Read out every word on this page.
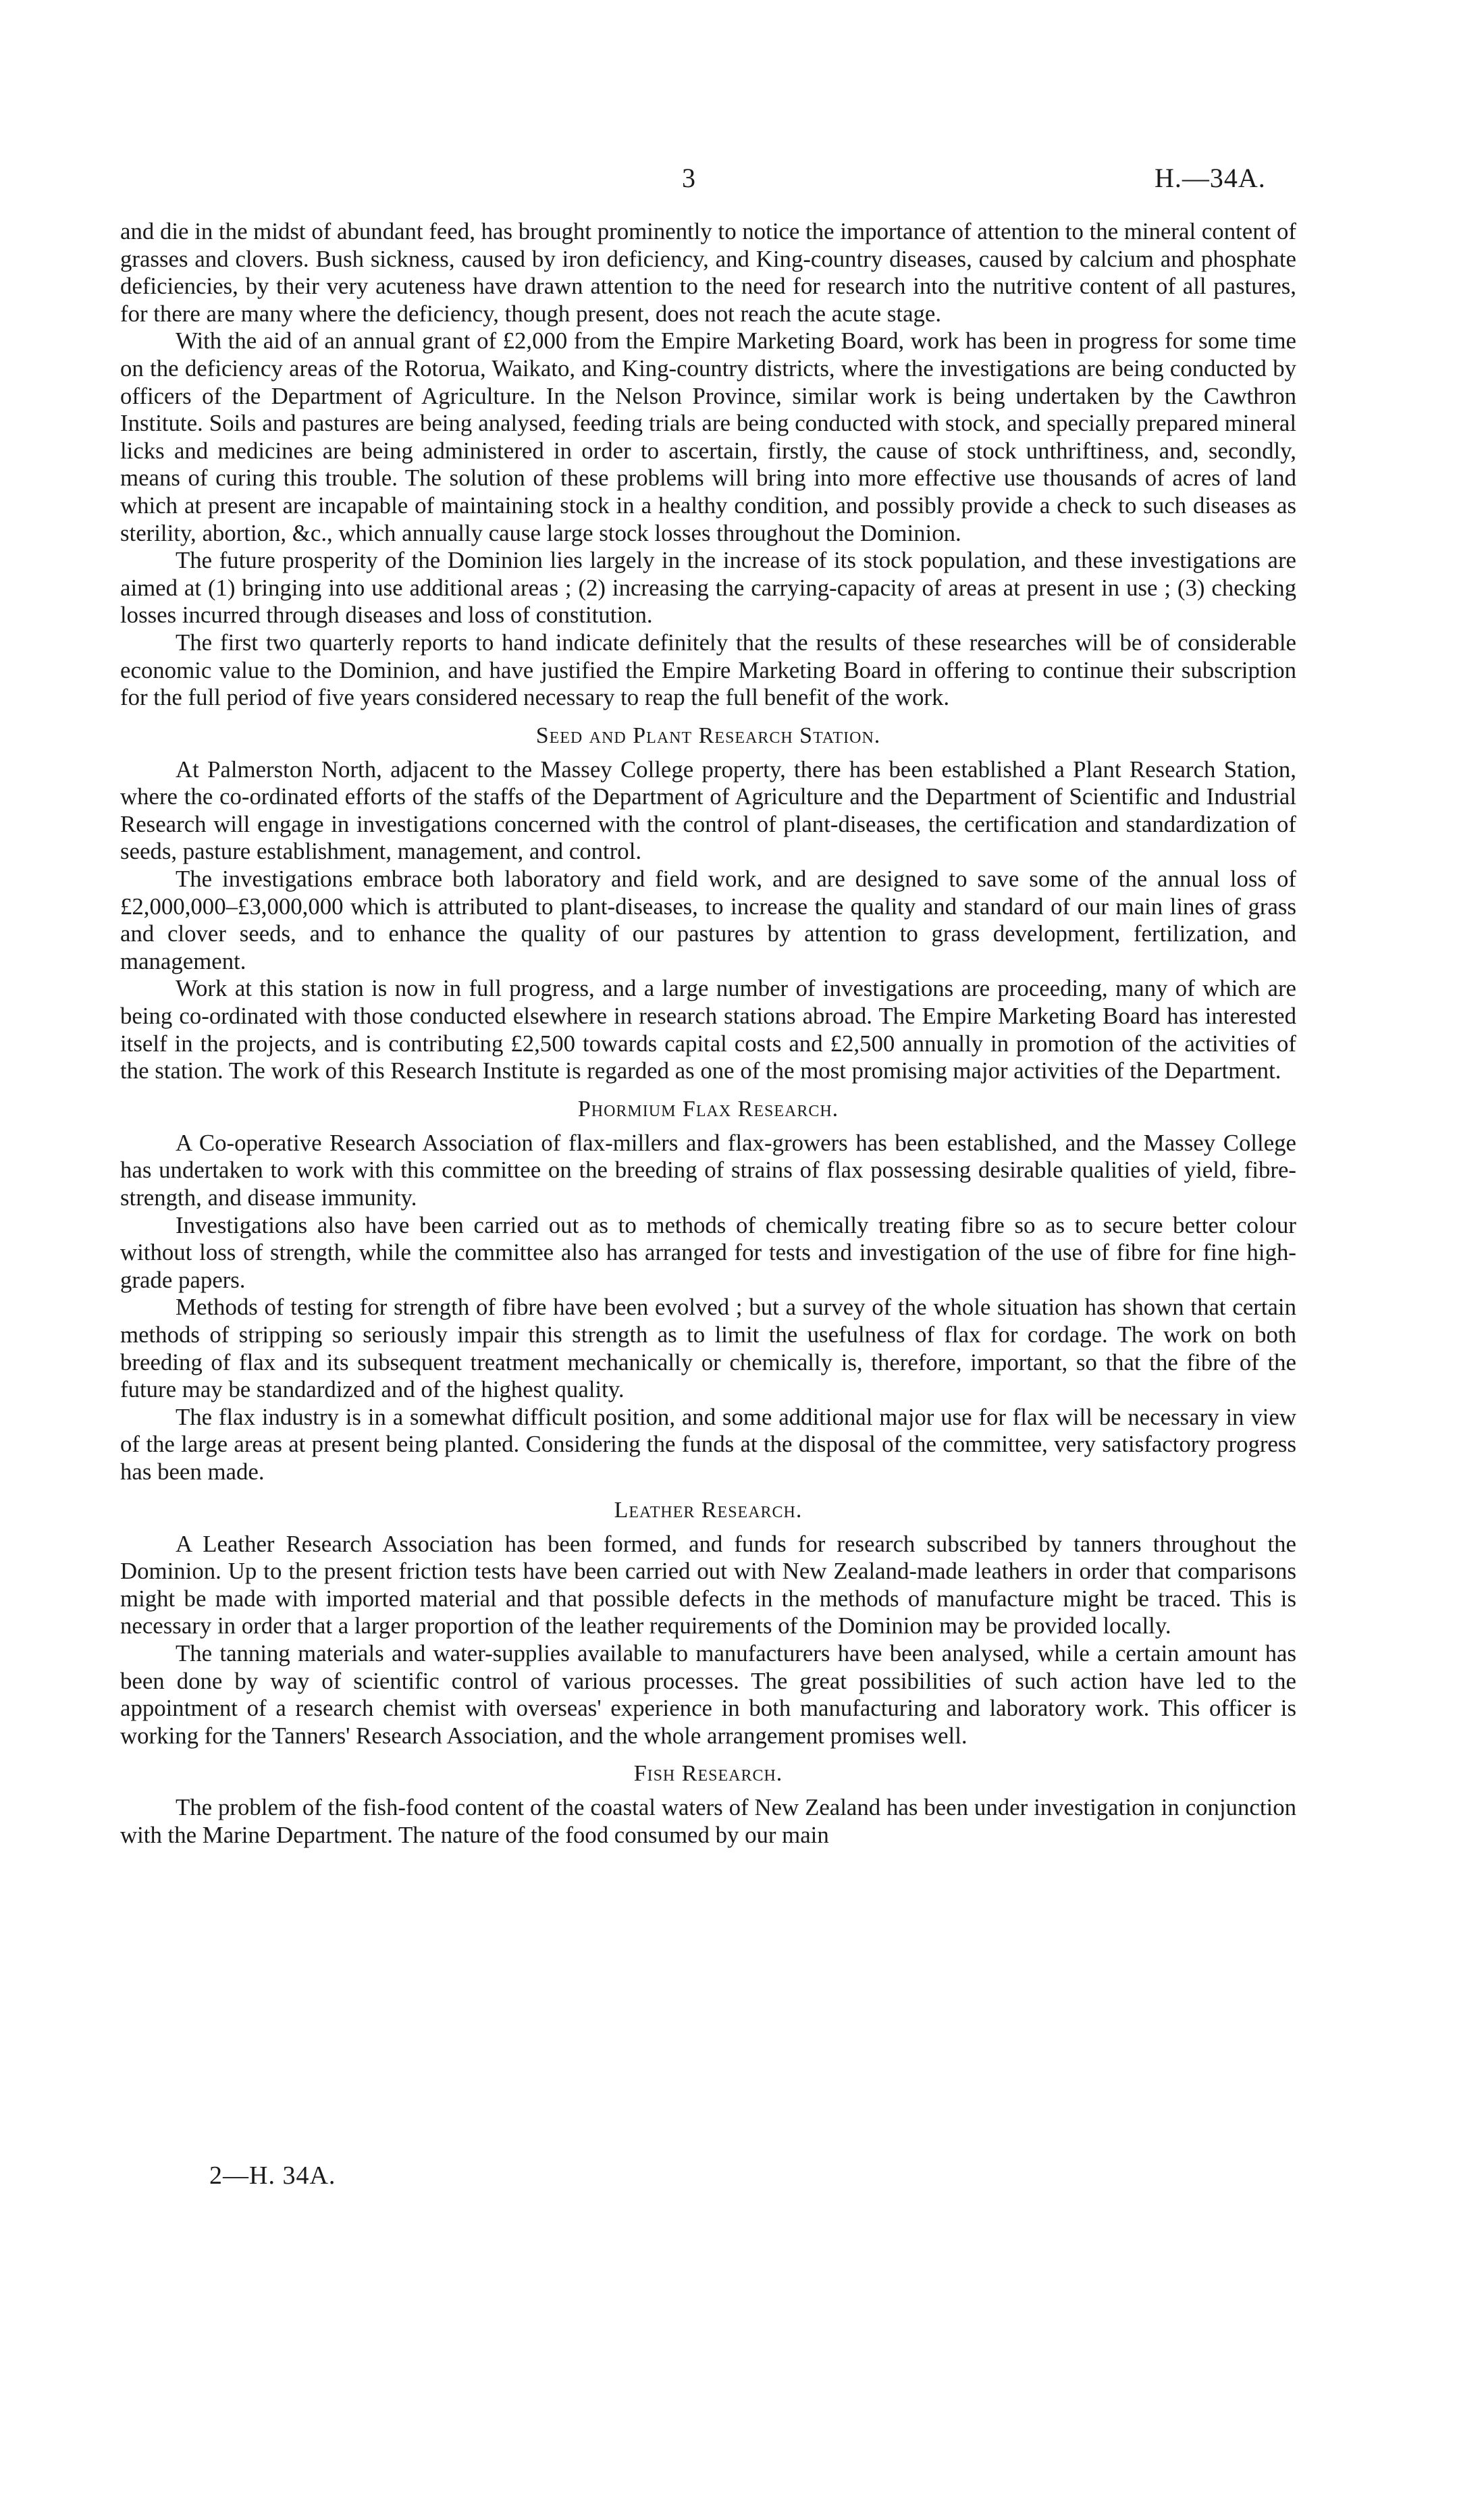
3	H.—34A.

and die in the midst of abundant feed, has brought prominently to notice the importance of attention to the mineral content of grasses and clovers. Bush sickness, caused by iron deficiency, and King-country diseases, caused by calcium and phosphate deficiencies, by their very acuteness have drawn attention to the need for research into the nutritive content of all pastures, for there are many where the deficiency, though present, does not reach the acute stage.

With the aid of an annual grant of £2,000 from the Empire Marketing Board, work has been in progress for some time on the deficiency areas of the Rotorua, Waikato, and King-country districts, where the investigations are being conducted by officers of the Department of Agriculture. In the Nelson Province, similar work is being undertaken by the Cawthron Institute. Soils and pastures are being analysed, feeding trials are being conducted with stock, and specially prepared mineral licks and medicines are being administered in order to ascertain, firstly, the cause of stock unthriftiness, and, secondly, means of curing this trouble. The solution of these problems will bring into more effective use thousands of acres of land which at present are incapable of maintaining stock in a healthy condition, and possibly provide a check to such diseases as sterility, abortion, &c., which annually cause large stock losses throughout the Dominion.

The future prosperity of the Dominion lies largely in the increase of its stock population, and these investigations are aimed at (1) bringing into use additional areas ; (2) increasing the carrying-capacity of areas at present in use ; (3) checking losses incurred through diseases and loss of constitution.

The first two quarterly reports to hand indicate definitely that the results of these researches will be of considerable economic value to the Dominion, and have justified the Empire Marketing Board in offering to continue their subscription for the full period of five years considered necessary to reap the full benefit of the work.

Seed and Plant Research Station.

At Palmerston North, adjacent to the Massey College property, there has been established a Plant Research Station, where the co-ordinated efforts of the staffs of the Department of Agriculture and the Department of Scientific and Industrial Research will engage in investigations concerned with the control of plant-diseases, the certification and standardization of seeds, pasture establishment, management, and control.

The investigations embrace both laboratory and field work, and are designed to save some of the annual loss of £2,000,000–£3,000,000 which is attributed to plant-diseases, to increase the quality and standard of our main lines of grass and clover seeds, and to enhance the quality of our pastures by attention to grass development, fertilization, and management.

Work at this station is now in full progress, and a large number of investigations are proceeding, many of which are being co-ordinated with those conducted elsewhere in research stations abroad. The Empire Marketing Board has interested itself in the projects, and is contributing £2,500 towards capital costs and £2,500 annually in promotion of the activities of the station. The work of this Research Institute is regarded as one of the most promising major activities of the Department.

Phormium Flax Research.

A Co-operative Research Association of flax-millers and flax-growers has been established, and the Massey College has undertaken to work with this committee on the breeding of strains of flax possessing desirable qualities of yield, fibre-strength, and disease immunity.

Investigations also have been carried out as to methods of chemically treating fibre so as to secure better colour without loss of strength, while the committee also has arranged for tests and investigation of the use of fibre for fine high-grade papers.

Methods of testing for strength of fibre have been evolved ; but a survey of the whole situation has shown that certain methods of stripping so seriously impair this strength as to limit the usefulness of flax for cordage. The work on both breeding of flax and its subsequent treatment mechanically or chemically is, therefore, important, so that the fibre of the future may be standardized and of the highest quality.

The flax industry is in a somewhat difficult position, and some additional major use for flax will be necessary in view of the large areas at present being planted. Considering the funds at the disposal of the committee, very satisfactory progress has been made.

Leather Research.

A Leather Research Association has been formed, and funds for research subscribed by tanners throughout the Dominion. Up to the present friction tests have been carried out with New Zealand-made leathers in order that comparisons might be made with imported material and that possible defects in the methods of manufacture might be traced. This is necessary in order that a larger proportion of the leather requirements of the Dominion may be provided locally.

The tanning materials and water-supplies available to manufacturers have been analysed, while a certain amount has been done by way of scientific control of various processes. The great possibilities of such action have led to the appointment of a research chemist with overseas' experience in both manufacturing and laboratory work. This officer is working for the Tanners' Research Association, and the whole arrangement promises well.

Fish Research.

The problem of the fish-food content of the coastal waters of New Zealand has been under investigation in conjunction with the Marine Department. The nature of the food consumed by our main

2—H. 34A.
